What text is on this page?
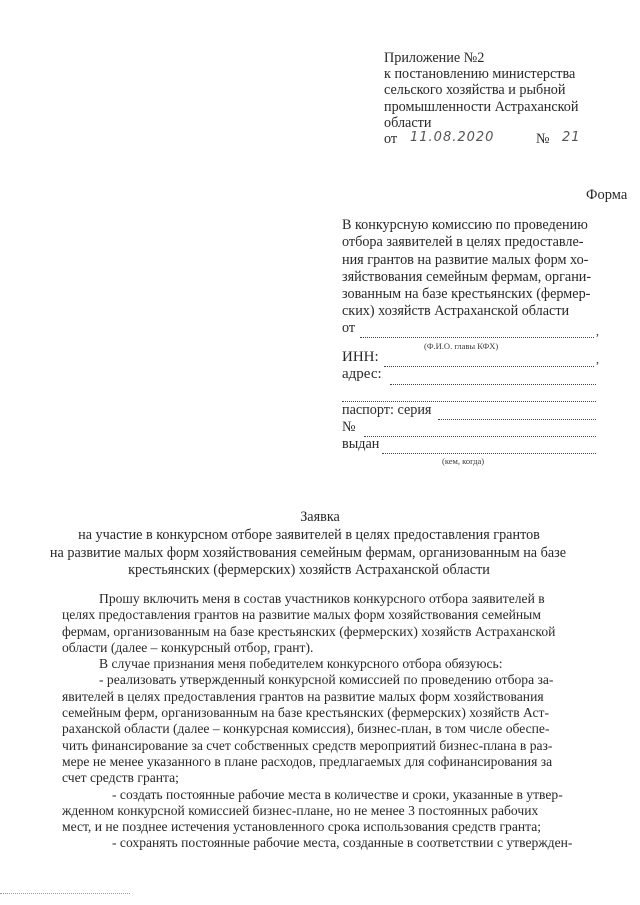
Приложение №2
к постановлению министерства
сельского хозяйства и рыбной
промышленности Астраханской
области
от 11.08.2020	№ 21
Форма
В конкурсную комиссию по проведению
отбора заявителей в целях предоставле-
ния грантов на развитие малых форм хо-
зяйствования семейным фермам, органи-
зованным на базе крестьянских (фермер-
ских) хозяйств Астраханской области
от	,
(Ф.И.О. главы КФХ)
ИНН:	,
адрес:
паспорт: серия
№
выдан
(кем, когда)
Заявка
на участие в конкурсном отборе заявителей в целях предоставления грантов
на развитие малых форм хозяйствования семейным фермам, организованным на базе
крестьянских (фермерских) хозяйств Астраханской области
Прошу включить меня в состав участников конкурсного отбора заявителей в
целях предоставления грантов на развитие малых форм хозяйствования семейным
фермам, организованным на базе крестьянских (фермерских) хозяйств Астраханской
области (далее – конкурсный отбор, грант).
В случае признания меня победителем конкурсного отбора обязуюсь:
- реализовать утвержденный конкурсной комиссией по проведению отбора за-
явителей в целях предоставления грантов на развитие малых форм хозяйствования
семейным ферм, организованным на базе крестьянских (фермерских) хозяйств Аст-
раханской области (далее – конкурсная комиссия), бизнес-план, в том числе обеспе-
чить финансирование за счет собственных средств мероприятий бизнес-плана в раз-
мере не менее указанного в плане расходов, предлагаемых для софинансирования за
счет средств гранта;
- создать постоянные рабочие места в количестве и сроки, указанные в утвер-
жденном конкурсной комиссией бизнес-плане, но не менее 3 постоянных рабочих
мест, и не позднее истечения установленного срока использования средств гранта;
- сохранять постоянные рабочие места, созданные в соответствии с утвержден-
